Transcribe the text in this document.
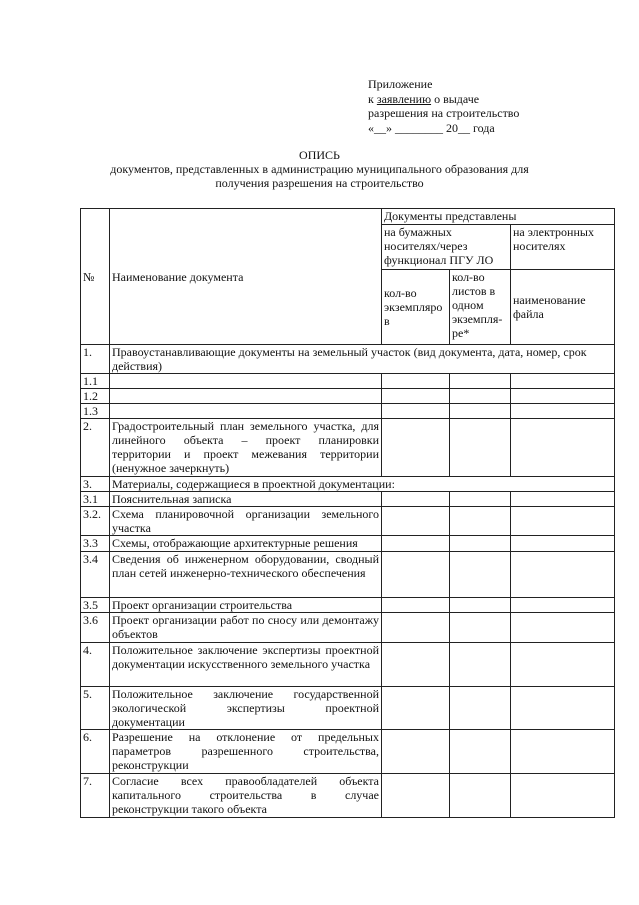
Приложение
к заявлению о выдаче
разрешения на строительство
«__» ________ 20__ года
ОПИСЬ
документов, представленных в администрацию муниципального образования для
получения разрешения на строительство
№	Наименование документа	Документы представлены		
		на бумажных носителях/через функционал ПГУ ЛО		на электронных носителях
		кол-во экземпляро в	кол-во листов в одном экземпля-ре*	наименование файла
1.	Правоустанавливающие документы на земельный участок (вид документа, дата, номер, срок действия)			
1.1				
1.2				
1.3				
2.	Градостроительный план земельного участка, для линейного объекта – проект планировки территории и проект межевания территории (ненужное зачеркнуть)			
3.	Материалы, содержащиеся в проектной документации:			
3.1	Пояснительная записка			
3.2.	Схема планировочной организации земельного участка			
3.3	Схемы, отображающие архитектурные решения			
3.4	Сведения об инженерном оборудовании, сводный план сетей инженерно-технического обеспечения			
3.5	Проект организации строительства			
3.6	Проект организации работ по сносу или демонтажу объектов			
4.	Положительное заключение экспертизы проектной документации искусственного земельного участка			
5.	Положительное заключение государственной экологической экспертизы проектной документации			
6.	Разрешение на отклонение от предельных параметров разрешенного строительства, реконструкции			
7.	Согласие всех правообладателей объекта капитального строительства в случае реконструкции такого объекта			
